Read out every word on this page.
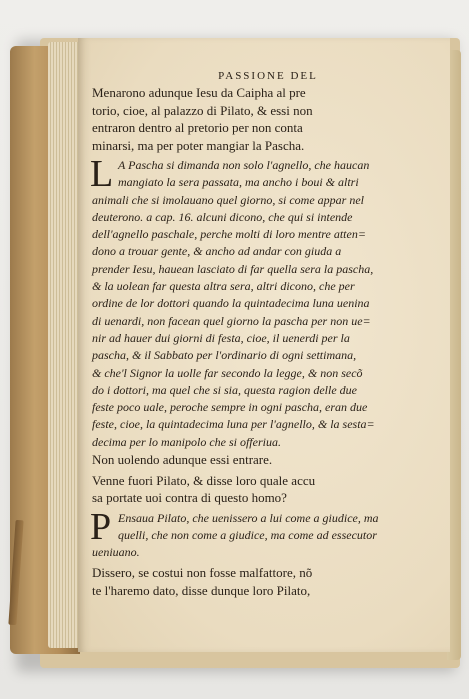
PASSIONE DEL
Menarono adunque Iesu da Caipha al pre
torio, cioe, al palazzo di Pilato, & essi non
entraron dentro al pretorio per non conta
minarsi, ma per poter mangiar la Pascha.
L A Pascha si dimanda non solo l'agnello, che haucan
mangiato la sera passata, ma ancho i boui & altri
animali che si imolauano quel giorno, si come appar nel
deuterono. a cap. 16. alcuni dicono, che qui si intende
dell'agnello paschale, perche molti di loro mentre atten=
dono a trouar gente, & ancho ad andar con giuda a
prender Iesu, hauean lasciato di far quella sera la pascha,
& la uolean far questa altra sera, altri dicono, che per
ordine de lor dottori quando la quintadecima luna uenina
di uenardi, non facean quel giorno la pascha per non ue=
nir ad hauer dui giorni di festa, cioe, il uenerdi per la
pascha, & il Sabbato per l'ordinario di ogni settimana,
& che'l Signor la uolle far secondo la legge, & non secõ
do i dottori, ma quel che si sia, questa ragion delle due
feste poco uale, peroche sempre in ogni pascha, eran due
feste, cioe, la quintadecima luna per l'agnello, & la sesta=
decima per lo manipolo che si offeriua.
Non uolendo adunque essi entrare.
Venne fuori Pilato, & disse loro quale accu
sa portate uoi contra di questo homo?
P Ensaua Pilato, che uenissero a lui come a giudice, ma
quelli, che non come a giudice, ma come ad essecutor
ueniuano.
Dissero, se costui non fosse malfattore, nõ
te l'haremo dato, disse dunque loro Pilato,
